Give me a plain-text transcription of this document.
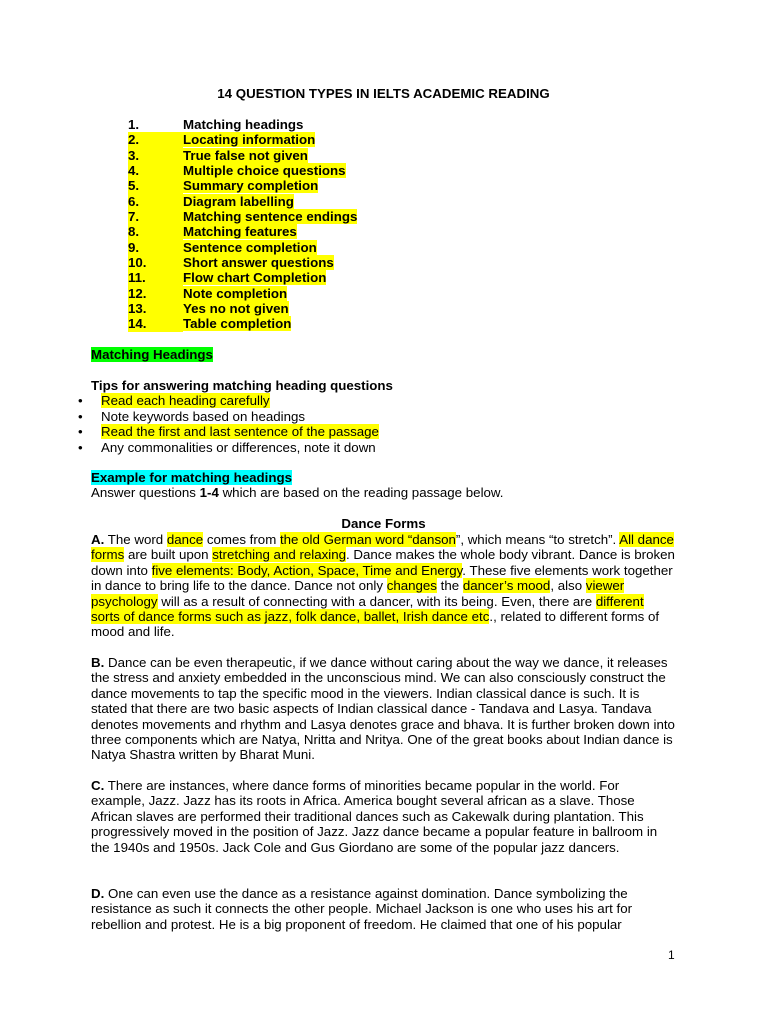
14 QUESTION TYPES IN IELTS ACADEMIC READING
1.	Matching headings
2.	Locating information
3.	True false not given
4.	Multiple choice questions
5.	Summary completion
6.	Diagram labelling
7.	Matching sentence endings
8.	Matching features
9.	Sentence completion
10.	Short answer questions
11.	Flow chart Completion
12.	Note completion
13.	Yes no not given
14.	Table completion
Matching Headings
Tips for answering matching heading questions
• Read each heading carefully
• Note keywords based on headings
• Read the first and last sentence of the passage
• Any commonalities or differences, note it down
Example for matching headings
Answer questions 1-4 which are based on the reading passage below.
Dance Forms

A. The word dance comes from the old German word “danson”, which means “to stretch”. All dance forms are built upon stretching and relaxing. Dance makes the whole body vibrant. Dance is broken down into five elements: Body, Action, Space, Time and Energy. These five elements work together in dance to bring life to the dance. Dance not only changes the dancer’s mood, also viewer psychology will as a result of connecting with a dancer, with its being. Even, there are different sorts of dance forms such as jazz, folk dance, ballet, Irish dance etc., related to different forms of mood and life.

B. Dance can be even therapeutic, if we dance without caring about the way we dance, it releases the stress and anxiety embedded in the unconscious mind. We can also consciously construct the dance movements to tap the specific mood in the viewers. Indian classical dance is such. It is stated that there are two basic aspects of Indian classical dance - Tandava and Lasya. Tandava denotes movements and rhythm and Lasya denotes grace and bhava. It is further broken down into three components which are Natya, Nritta and Nritya. One of the great books about Indian dance is Natya Shastra written by Bharat Muni.

C. There are instances, where dance forms of minorities became popular in the world. For example, Jazz. Jazz has its roots in Africa. America bought several african as a slave. Those African slaves are performed their traditional dances such as Cakewalk during plantation. This progressively moved in the position of Jazz. Jazz dance became a popular feature in ballroom in the 1940s and 1950s. Jack Cole and Gus Giordano are some of the popular jazz dancers.

D. One can even use the dance as a resistance against domination. Dance symbolizing the resistance as such it connects the other people. Michael Jackson is one who uses his art for rebellion and protest. He is a big proponent of freedom. He claimed that one of his popular

1
